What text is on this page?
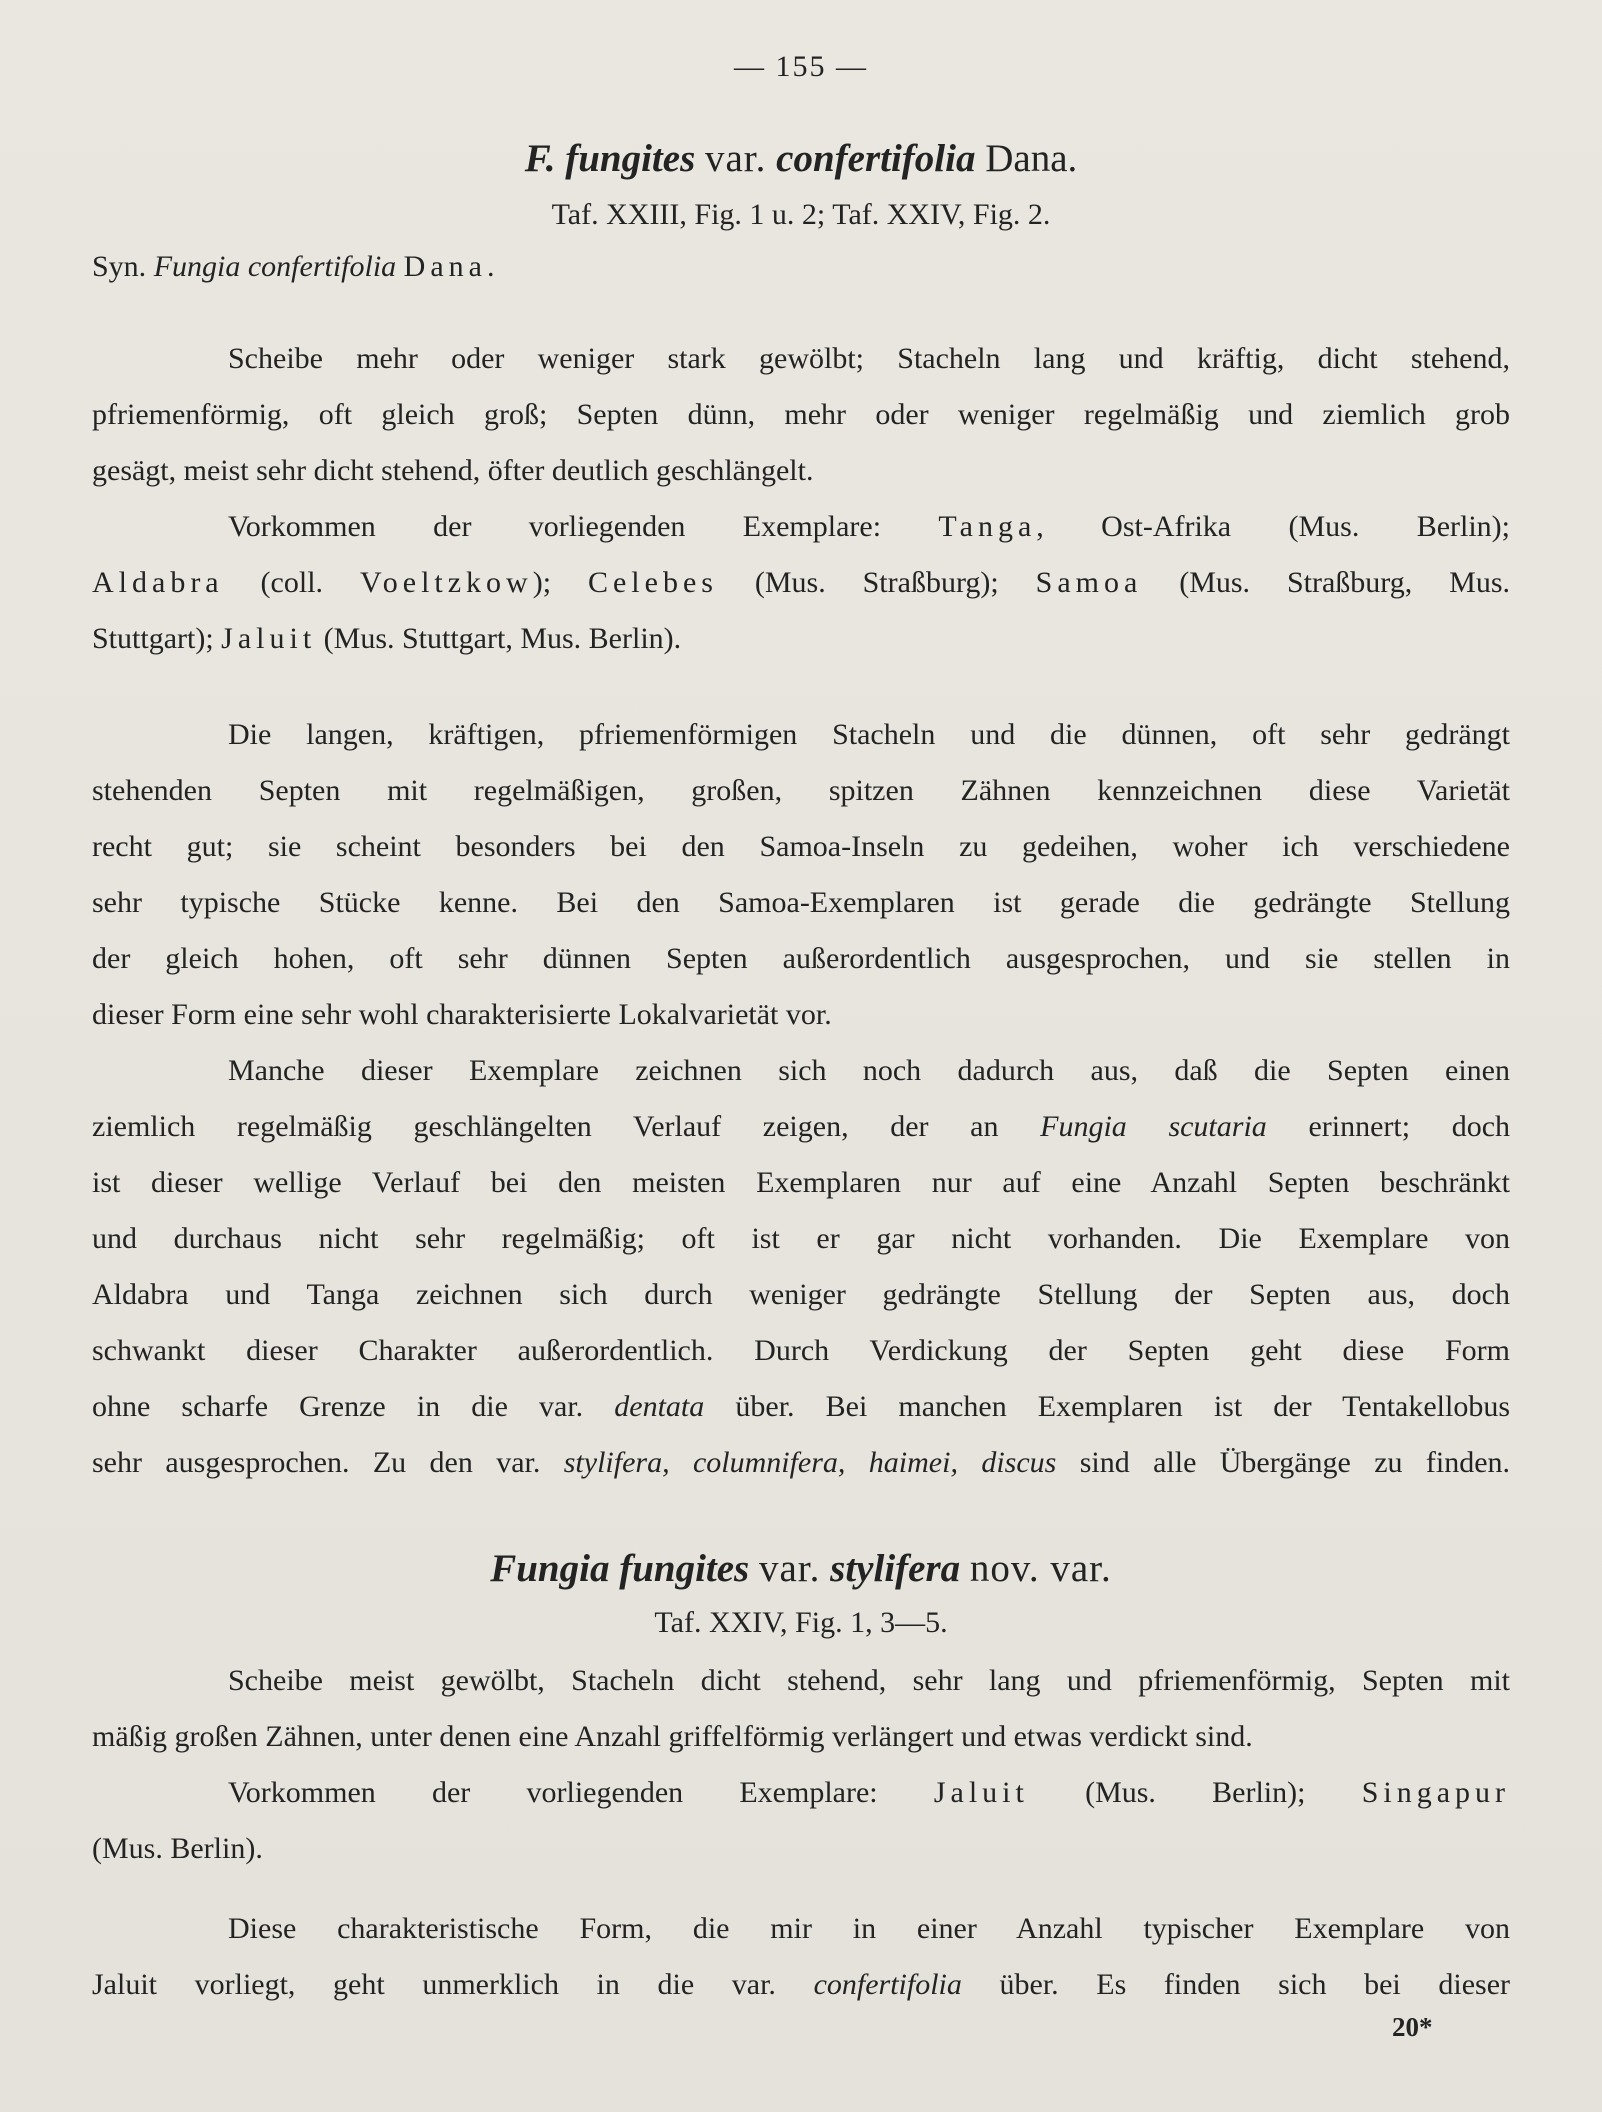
— 155 —
F. fungites var. confertifolia Dana.
Taf. XXIII, Fig. 1 u. 2; Taf. XXIV, Fig. 2.
Syn. Fungia confertifolia Dana.
Scheibe mehr oder weniger stark gewölbt; Stacheln lang und kräftig, dicht stehend,
pfriemenförmig, oft gleich groß; Septen dünn, mehr oder weniger regelmäßig und ziemlich grob
gesägt, meist sehr dicht stehend, öfter deutlich geschlängelt.
Vorkommen der vorliegenden Exemplare: Tanga, Ost-Afrika (Mus. Berlin);
Aldabra (coll. Voeltzkow); Celebes (Mus. Straßburg); Samoa (Mus. Straßburg, Mus.
Stuttgart); Jaluit (Mus. Stuttgart, Mus. Berlin).
Die langen, kräftigen, pfriemenförmigen Stacheln und die dünnen, oft sehr gedrängt
stehenden Septen mit regelmäßigen, großen, spitzen Zähnen kennzeichnen diese Varietät
recht gut; sie scheint besonders bei den Samoa-Inseln zu gedeihen, woher ich verschiedene
sehr typische Stücke kenne. Bei den Samoa-Exemplaren ist gerade die gedrängte Stellung
der gleich hohen, oft sehr dünnen Septen außerordentlich ausgesprochen, und sie stellen in
dieser Form eine sehr wohl charakterisierte Lokalvarietät vor.
Manche dieser Exemplare zeichnen sich noch dadurch aus, daß die Septen einen
ziemlich regelmäßig geschlängelten Verlauf zeigen, der an Fungia scutaria erinnert; doch
ist dieser wellige Verlauf bei den meisten Exemplaren nur auf eine Anzahl Septen beschränkt
und durchaus nicht sehr regelmäßig; oft ist er gar nicht vorhanden. Die Exemplare von
Aldabra und Tanga zeichnen sich durch weniger gedrängte Stellung der Septen aus, doch
schwankt dieser Charakter außerordentlich. Durch Verdickung der Septen geht diese Form
ohne scharfe Grenze in die var. dentata über. Bei manchen Exemplaren ist der Tentakellobus
sehr ausgesprochen. Zu den var. stylifera, columnifera, haimei, discus sind alle Übergänge zu finden.
Fungia fungites var. stylifera nov. var.
Taf. XXIV, Fig. 1, 3—5.
Scheibe meist gewölbt, Stacheln dicht stehend, sehr lang und pfriemenförmig, Septen mit
mäßig großen Zähnen, unter denen eine Anzahl griffelförmig verlängert und etwas verdickt sind.
Vorkommen der vorliegenden Exemplare: Jaluit (Mus. Berlin); Singapur
(Mus. Berlin).
Diese charakteristische Form, die mir in einer Anzahl typischer Exemplare von
Jaluit vorliegt, geht unmerklich in die var. confertifolia über. Es finden sich bei dieser
20*
